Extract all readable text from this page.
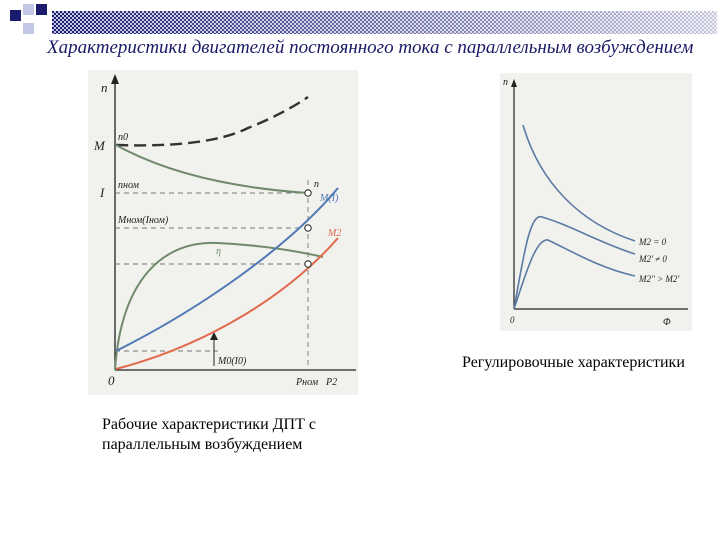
Характеристики двигателей постоянного тока с параллельным возбуждением
n
M
I
0
n0
nном
Mном(Iном)
n
M(I)
M2
η
M0(I0)
Pном P2
n
Φ
0
M2 = 0
M2' ≠ 0
M2'' > M2'
Рабочие характеристики ДПТ с
параллельным возбуждением
Регулировочные характеристики
